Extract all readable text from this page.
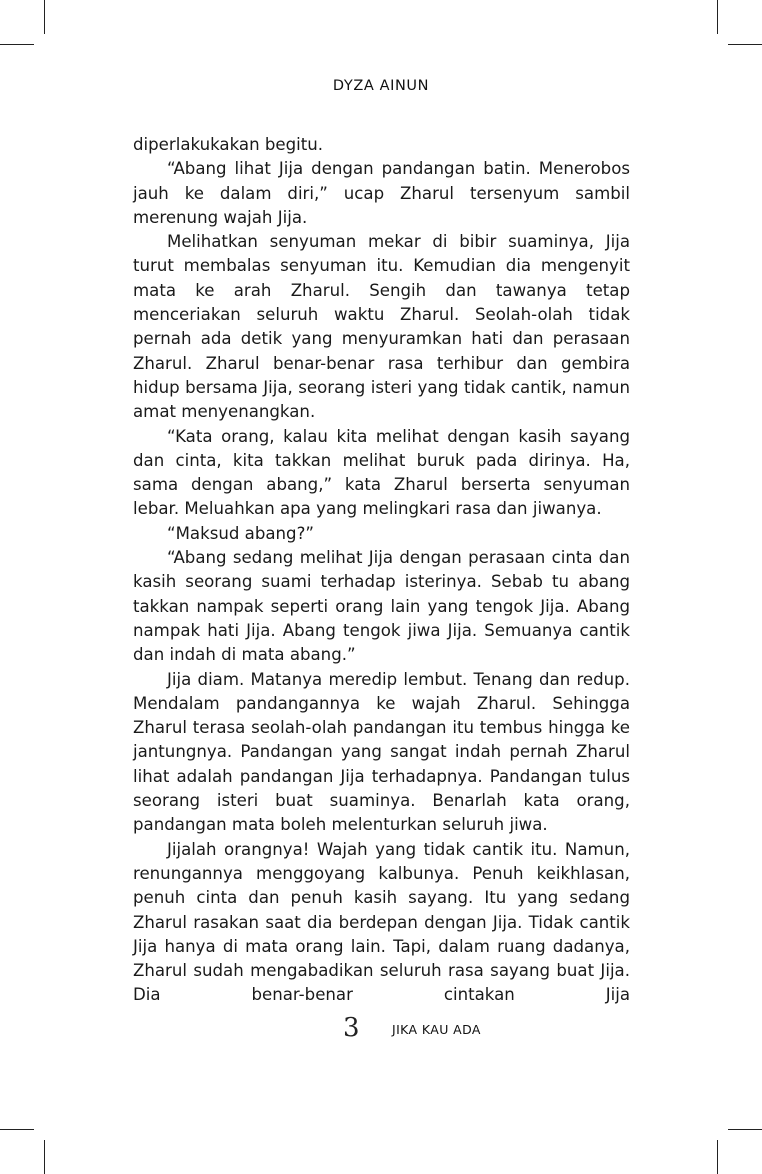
DYZA AINUN

diperlakukakan begitu.

“Abang lihat Jija dengan pandangan batin. Menerobos jauh ke dalam diri,” ucap Zharul tersenyum sambil merenung wajah Jija.

Melihatkan senyuman mekar di bibir suaminya, Jija turut membalas senyuman itu. Kemudian dia mengenyit mata ke arah Zharul. Sengih dan tawanya tetap menceriakan seluruh waktu Zharul. Seolah-olah tidak pernah ada detik yang menyuramkan hati dan perasaan Zharul. Zharul benar-benar rasa terhibur dan gembira hidup bersama Jija, seorang isteri yang tidak cantik, namun amat menyenangkan.

“Kata orang, kalau kita melihat dengan kasih sayang dan cinta, kita takkan melihat buruk pada dirinya. Ha, sama dengan abang,” kata Zharul berserta senyuman lebar. Meluahkan apa yang melingkari rasa dan jiwanya.

“Maksud abang?”

“Abang sedang melihat Jija dengan perasaan cinta dan kasih seorang suami terhadap isterinya. Sebab tu abang takkan nampak seperti orang lain yang tengok Jija. Abang nampak hati Jija. Abang tengok jiwa Jija. Semuanya cantik dan indah di mata abang.”

Jija diam. Matanya meredip lembut. Tenang dan redup. Mendalam pandangannya ke wajah Zharul. Sehingga Zharul terasa seolah-olah pandangan itu tembus hingga ke jantungnya. Pandangan yang sangat indah pernah Zharul lihat adalah pandangan Jija terhadapnya. Pandangan tulus seorang isteri buat suaminya. Benarlah kata orang, pandangan mata boleh melenturkan seluruh jiwa.

Jijalah orangnya! Wajah yang tidak cantik itu. Namun, renungannya menggoyang kalbunya. Penuh keikhlasan, penuh cinta dan penuh kasih sayang. Itu yang sedang Zharul rasakan saat dia berdepan dengan Jija. Tidak cantik Jija hanya di mata orang lain. Tapi, dalam ruang dadanya, Zharul sudah mengabadikan seluruh rasa sayang buat Jija. Dia benar-benar cintakan Jija

3	JIKA KAU ADA
